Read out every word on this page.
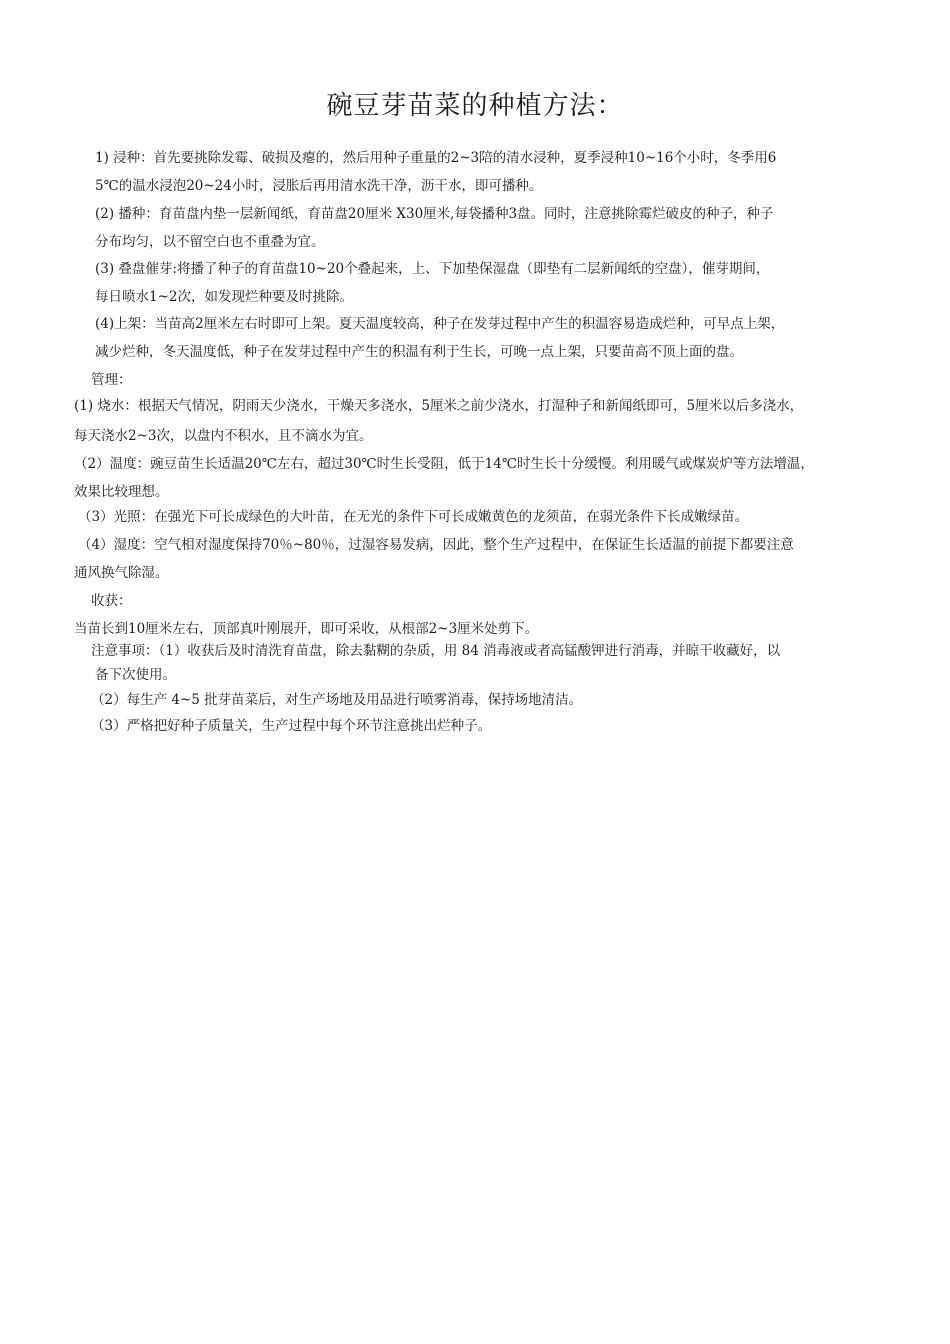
碗豆芽苗菜的种植方法：
1) 浸种：首先要挑除发霉、破损及瘪的，然后用种子重量的2~3陪的清水浸种，夏季浸种10~16个小时，冬季用6
5℃的温水浸泡20~24小时，浸胀后再用清水洗干净，沥干水，即可播种。
(2) 播种：育苗盘内垫一层新闻纸，育苗盘20厘米 X30厘米,每袋播种3盘。同时，注意挑除霉烂破皮的种子，种子
分布均匀，以不留空白也不重叠为宜。
(3) 叠盘催芽:将播了种子的育苗盘10~20个叠起来，上、下加垫保湿盘（即垫有二层新闻纸的空盘），催芽期间，
每日喷水1~2次，如发现烂种要及时挑除。
(4)上架：当苗高2厘米左右时即可上架。夏天温度较高，种子在发芽过程中产生的积温容易造成烂种，可早点上架，
减少烂种，冬天温度低，种子在发芽过程中产生的积温有利于生长，可晚一点上架，只要苗高不顶上面的盘。
管理：
(1) 烧水：根据天气情况，阴雨天少浇水，干燥天多浇水，5厘米之前少浇水，打湿种子和新闻纸即可，5厘米以后多浇水，
每天浇水2~3次，以盘内不积水，且不滴水为宜。
（2）温度：豌豆苗生长适温20℃左右，超过30℃时生长受阻，低于14℃时生长十分缓慢。利用暖气或煤炭炉等方法增温，
效果比较理想。
（3）光照：在强光下可长成绿色的大叶苗，在无光的条件下可长成嫩黄色的龙须苗，在弱光条件下长成嫩绿苗。
（4）湿度：空气相对湿度保持70％~80％，过湿容易发病，因此，整个生产过程中，在保证生长适温的前提下都要注意
通风换气除湿。
收获：
当苗长到10厘米左右，顶部真叶刚展开，即可采收，从根部2~3厘米处剪下。
注意事项：（1）收获后及时清洗育苗盘，除去黏糊的杂质，用 84 消毒液或者高锰酸钾进行消毒，并晾干收藏好，以
备下次使用。
（2）每生产 4~5 批芽苗菜后，对生产场地及用品进行喷雾消毒，保持场地清洁。
（3）严格把好种子质量关，生产过程中每个环节注意挑出烂种子。
